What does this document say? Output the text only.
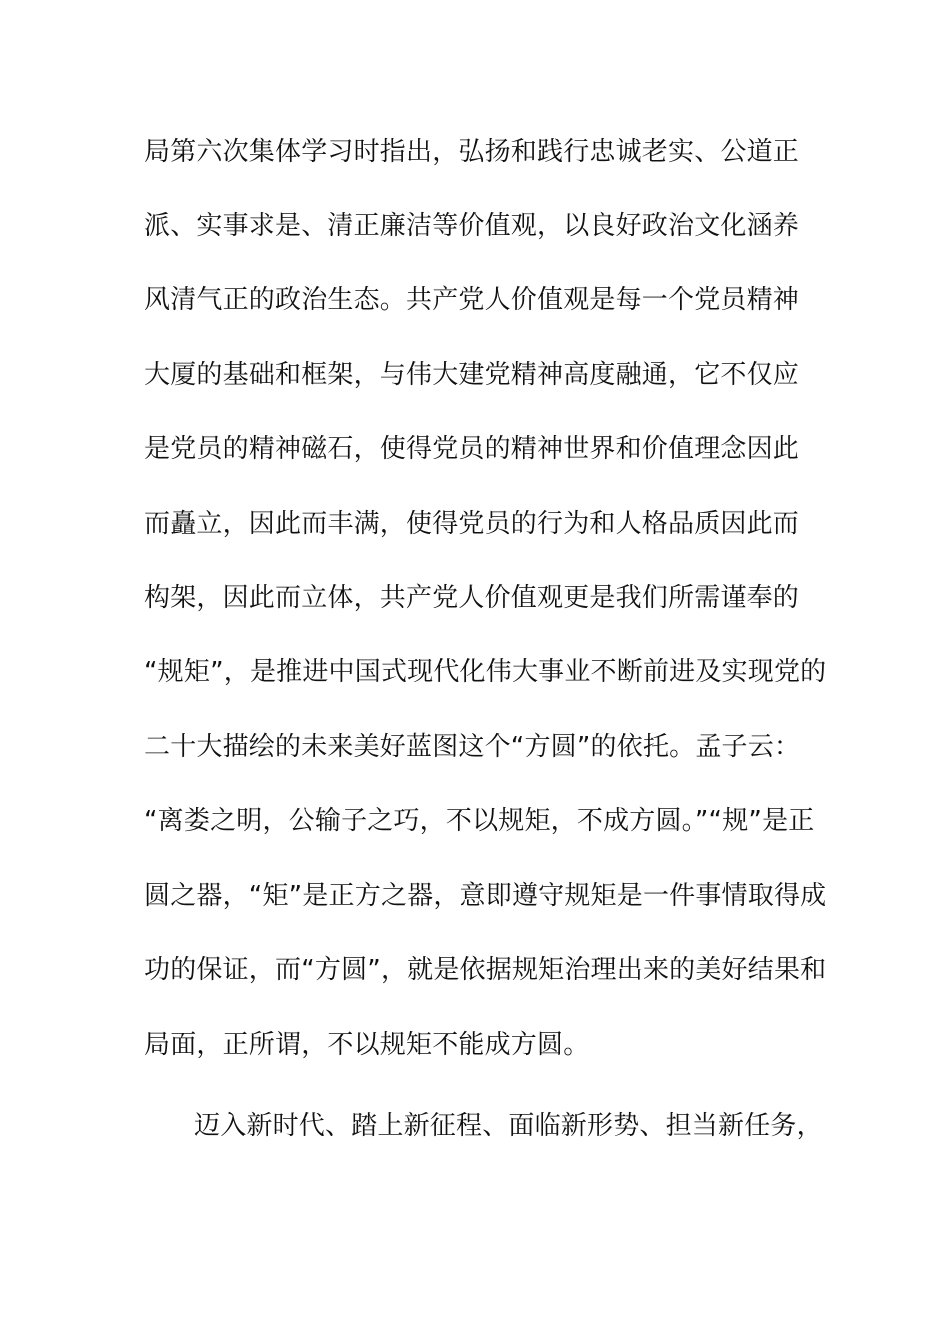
局第六次集体学习时指出，弘扬和践行忠诚老实、公道正
派、实事求是、清正廉洁等价值观，以良好政治文化涵养
风清气正的政治生态。共产党人价值观是每一个党员精神
大厦的基础和框架，与伟大建党精神高度融通，它不仅应
是党员的精神磁石，使得党员的精神世界和价值理念因此
而矗立，因此而丰满，使得党员的行为和人格品质因此而
构架，因此而立体，共产党人价值观更是我们所需谨奉的
“规矩”，是推进中国式现代化伟大事业不断前进及实现党的
二十大描绘的未来美好蓝图这个“方圆”的依托。孟子云：
“离娄之明，公输子之巧，不以规矩，不成方圆。”“规”是正
圆之器，“矩”是正方之器，意即遵守规矩是一件事情取得成
功的保证，而“方圆”，就是依据规矩治理出来的美好结果和
局面，正所谓，不以规矩不能成方圆。
迈入新时代、踏上新征程、面临新形势、担当新任务，
